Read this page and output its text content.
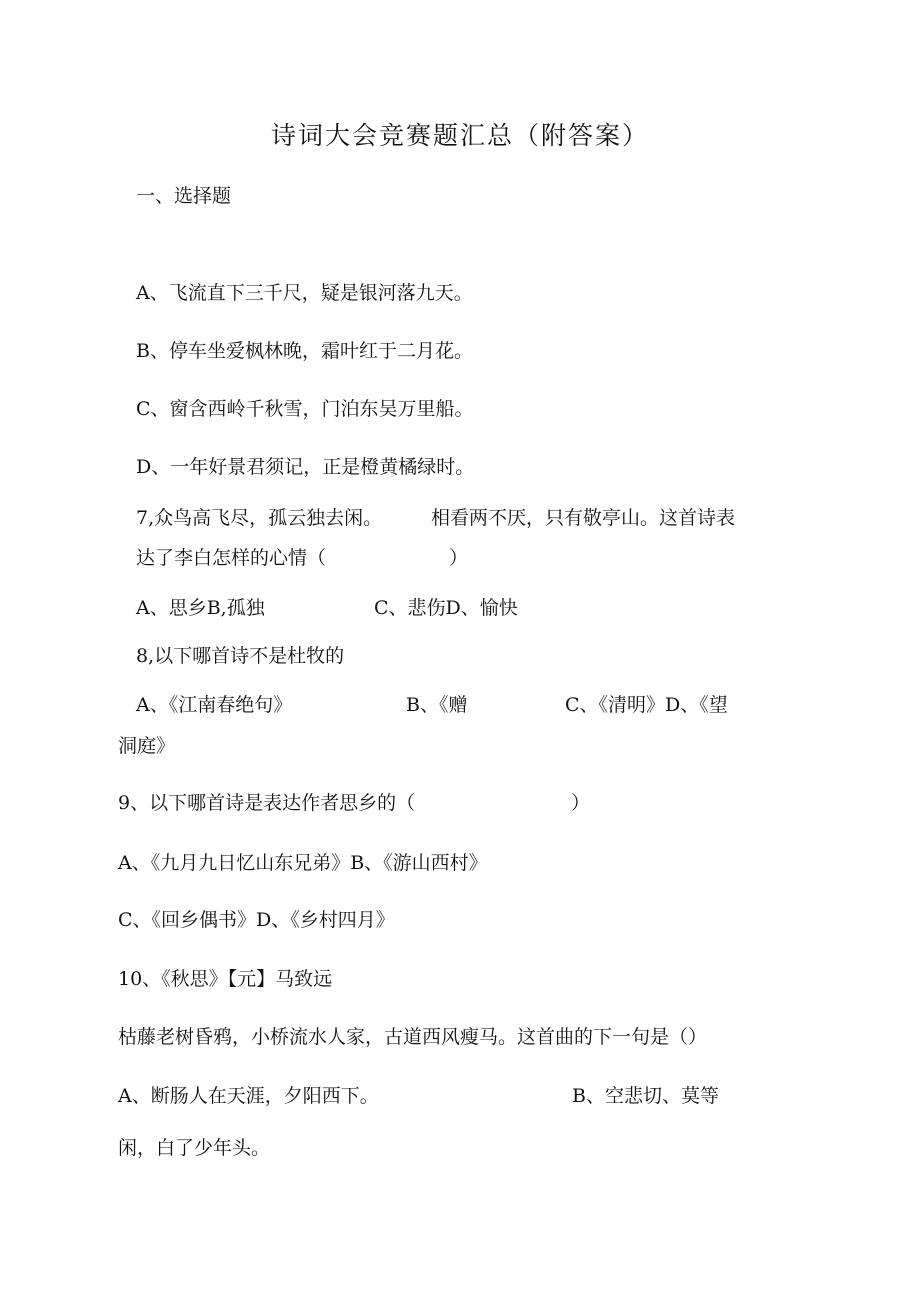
诗词大会竞赛题汇总（附答案）
一、选择题
A、飞流直下三千尺，疑是银河落九天。
B、停车坐爱枫林晚，霜叶红于二月花。
C、窗含西岭千秋雪，门泊东吴万里船。
D、一年好景君须记，正是橙黄橘绿时。
7,众鸟高飞尽，孤云独去闲。	相看两不厌，只有敬亭山。这首诗表
达了李白怎样的心情（	）
A、思乡B,孤独	C、悲伤D、愉快
8,以下哪首诗不是杜牧的
A、《江南春绝句》	B、《赠	C、《清明》D、《望
洞庭》
9、以下哪首诗是表达作者思乡的（	）
A、《九月九日忆山东兄弟》B、《游山西村》
C、《回乡偶书》D、《乡村四月》
10、《秋思》【元】马致远
枯藤老树昏鸦，小桥流水人家，古道西风瘦马。这首曲的下一句是（）
A、断肠人在天涯，夕阳西下。	B、空悲切、莫等
闲，白了少年头。
